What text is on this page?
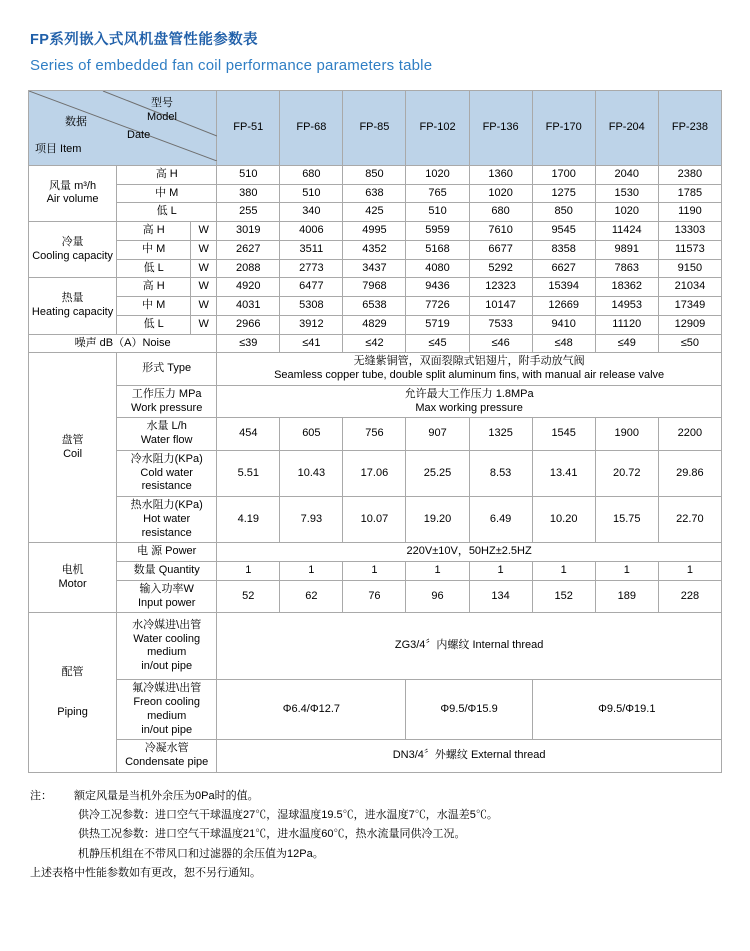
FP系列嵌入式风机盘管性能参数表
Series of embedded fan coil performance parameters table
型号
Model
Date
数据
项目 Item			FP-51	FP-68	FP-85	FP-102	FP-136	FP-170	FP-204	FP-238

风量 m³/h
Air volume	高 H		510	680	850	1020	1360	1700	2040	2380
	中 M		380	510	638	765	1020	1275	1530	1785
	低 L		255	340	425	510	680	850	1020	1190

冷量
Cooling capacity	高 H	W	3019	4006	4995	5959	7610	9545	11424	13303
	中 M	W	2627	3511	4352	5168	6677	8358	9891	11573
	低 L	W	2088	2773	3437	4080	5292	6627	7863	9150

热量
Heating capacity	高 H	W	4920	6477	7968	9436	12323	15394	18362	21034
	中 M	W	4031	5308	6538	7726	10147	12669	14953	17349
	低 L	W	2966	3912	4829	5719	7533	9410	11120	12909
噪声 dB（A）Noise			≤39	≤41	≤42	≤45	≤46	≤48	≤49	≤50

盘管
Coil	形式 Type		无缝紫铜管，双面裂隙式铝翅片，附手动放气阀
Seamless copper tube, double split aluminum fins, with manual air release valve							

	工作压力 MPa
Work pressure		允许最大工作压力 1.8MPa
Max working pressure							

	水量 L/h
Water flow		454	605	756	907	1325	1545	1900	2200

	冷水阻力(KPa)
Cold water resistance		5.51	10.43	17.06	25.25	8.53	13.41	20.72	29.86

	热水阻力(KPa)
Hot water resistance		4.19	7.93	10.07	19.20	6.49	10.20	15.75	22.70

电机
Motor	电 源 Power		220V±10V，50HZ±2.5HZ							
	数量 Quantity		1	1	1	1	1	1	1	1

	输入功率W
Input power		52	62	76	96	134	152	189	228

配管
Piping	水冷媒进\出管
Water cooling medium
in/out pipe		ZG3/4〞内螺纹 Internal thread							

	氟冷媒进\出管
Freon cooling medium
in/out pipe		Φ6.4/Φ12.7			Φ9.5/Φ15.9		Φ9.5/Φ19.1		

	冷凝水管
Condensate pipe		DN3/4〞外螺纹 External thread							
注： 额定风量是当机外余压为0Pa时的值。
供冷工况参数：进口空气干球温度27℃，湿球温度19.5℃，进水温度7℃，水温差5℃。
供热工况参数：进口空气干球温度21℃，进水温度60℃，热水流量同供冷工况。
机静压机组在不带风口和过滤器的余压值为12Pa。
上述表格中性能参数如有更改，恕不另行通知。
